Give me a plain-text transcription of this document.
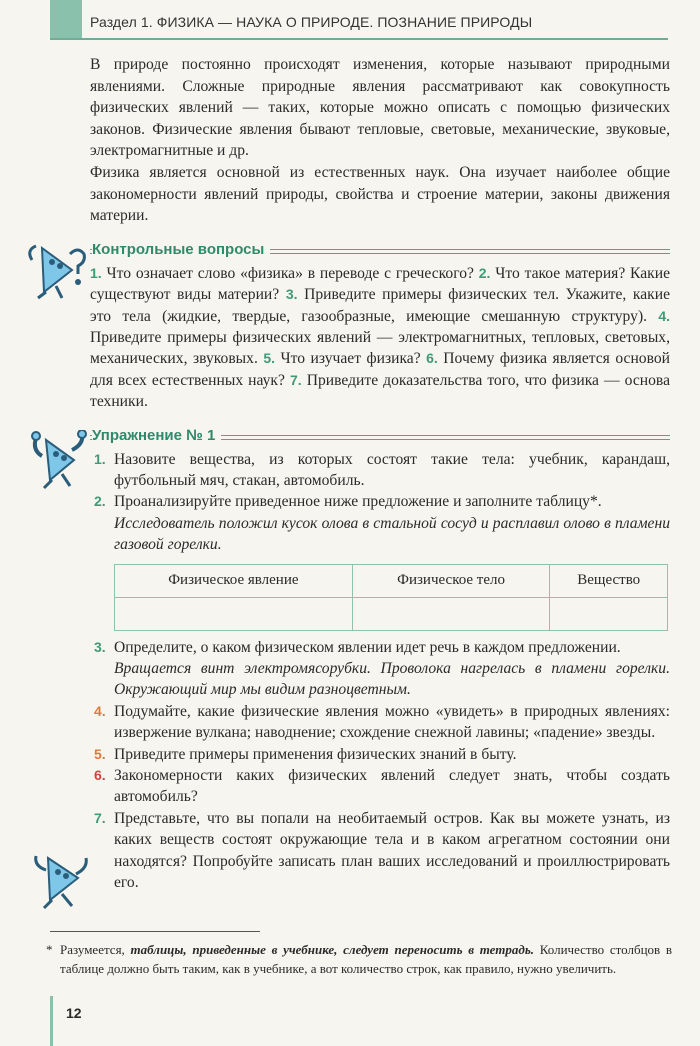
Раздел 1. ФИЗИКА — НАУКА О ПРИРОДЕ. ПОЗНАНИЕ ПРИРОДЫ

В природе постоянно происходят изменения, которые называют природными явлениями. Сложные природные явления рассматривают как совокупность физических явлений — таких, которые можно описать с помощью физических законов. Физические явления бывают тепловые, световые, механические, звуковые, электромагнитные и др.

Физика является основной из естественных наук. Она изучает наиболее общие закономерности явлений природы, свойства и строение материи, законы движения материи.

Контрольные вопросы

1. Что означает слово «физика» в переводе с греческого? 2. Что такое материя? Какие существуют виды материи? 3. Приведите примеры физических тел. Укажите, какие это тела (жидкие, твердые, газообразные, имеющие смешанную структуру). 4. Приведите примеры физических явлений — электромагнитных, тепловых, световых, механических, звуковых. 5. Что изучает физика? 6. Почему физика является основой для всех естественных наук? 7. Приведите доказательства того, что физика — основа техники.

Упражнение № 1
1. Назовите вещества, из которых состоят такие тела: учебник, карандаш, футбольный мяч, стакан, автомобиль.
2. Проанализируйте приведенное ниже предложение и заполните таблицу*.
Исследователь положил кусок олова в стальной сосуд и расплавил олово в пламени газовой горелки.
Физическое явление	Физическое тело	Вещество

3. Определите, о каком физическом явлении идет речь в каждом предложении.
Вращается винт электромясорубки. Проволока нагрелась в пламени горелки. Окружающий мир мы видим разноцветным.
4. Подумайте, какие физические явления можно «увидеть» в природных явлениях: извержение вулкана; наводнение; схождение снежной лавины; «падение» звезды.
5. Приведите примеры применения физических знаний в быту.
6. Закономерности каких физических явлений следует знать, чтобы создать автомобиль?
7. Представьте, что вы попали на необитаемый остров. Как вы можете узнать, из каких веществ состоят окружающие тела и в каком агрегатном состоянии они находятся? Попробуйте записать план ваших исследований и проиллюстрировать его.
* Разумеется, таблицы, приведенные в учебнике, следует переносить в тетрадь. Количество столбцов в таблице должно быть таким, как в учебнике, а вот количество строк, как правило, нужно увеличить.
12
